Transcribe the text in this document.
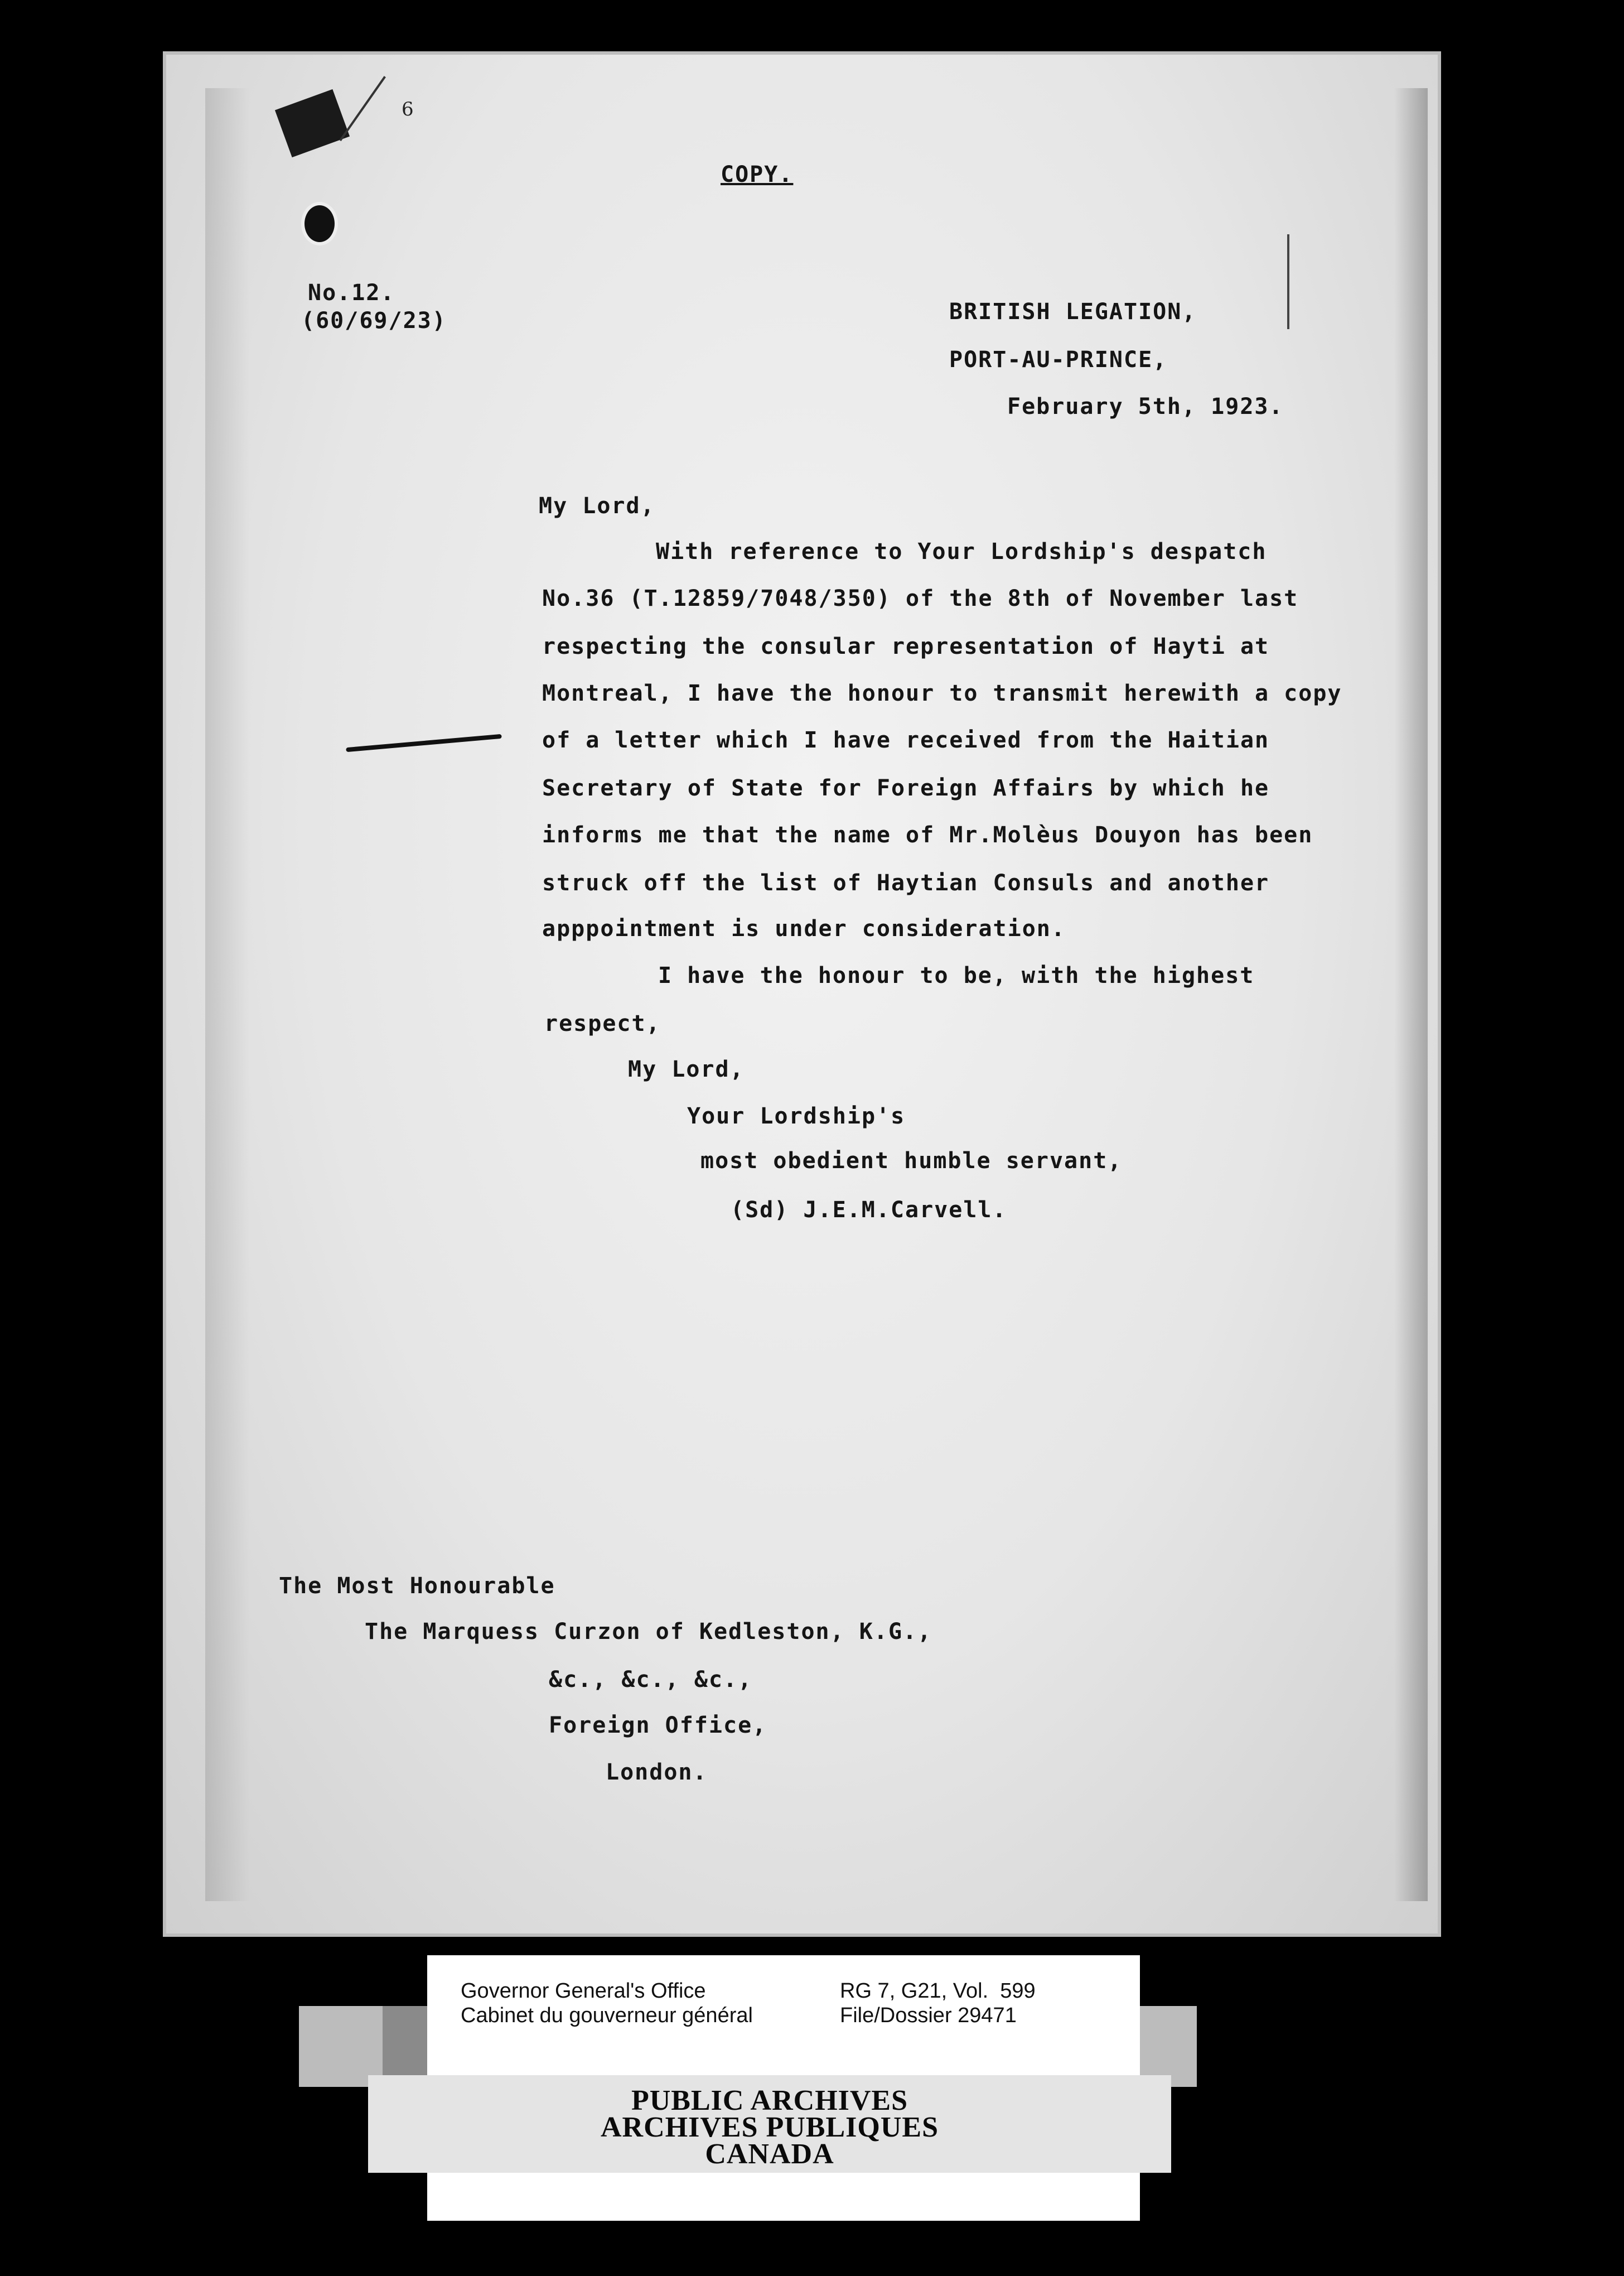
6
COPY.
No.12.
(60/69/23)	BRITISH LEGATION,
PORT-AU-PRINCE,
February 5th, 1923.
My Lord,
With reference to Your Lordship's despatch
No.36 (T.12859/7048/350) of the 8th of November last
respecting the consular representation of Hayti at
Montreal, I have the honour to transmit herewith a copy
of a letter which I have received from the Haitian
Secretary of State for Foreign Affairs by which he
informs me that the name of Mr.Molèus Douyon has been
struck off the list of Haytian Consuls and another
apppointment is under consideration.
I have the honour to be, with the highest
respect,
My Lord,
Your Lordship's
most obedient humble servant,
(Sd) J.E.M.Carvell.
The Most Honourable
The Marquess Curzon of Kedleston, K.G.,
&c., &c., &c.,
Foreign Office,
London.
Governor General's Office
Cabinet du gouverneur général
RG 7, G21, Vol.  599
File/Dossier 29471
PUBLIC ARCHIVES
ARCHIVES PUBLIQUES
CANADA
